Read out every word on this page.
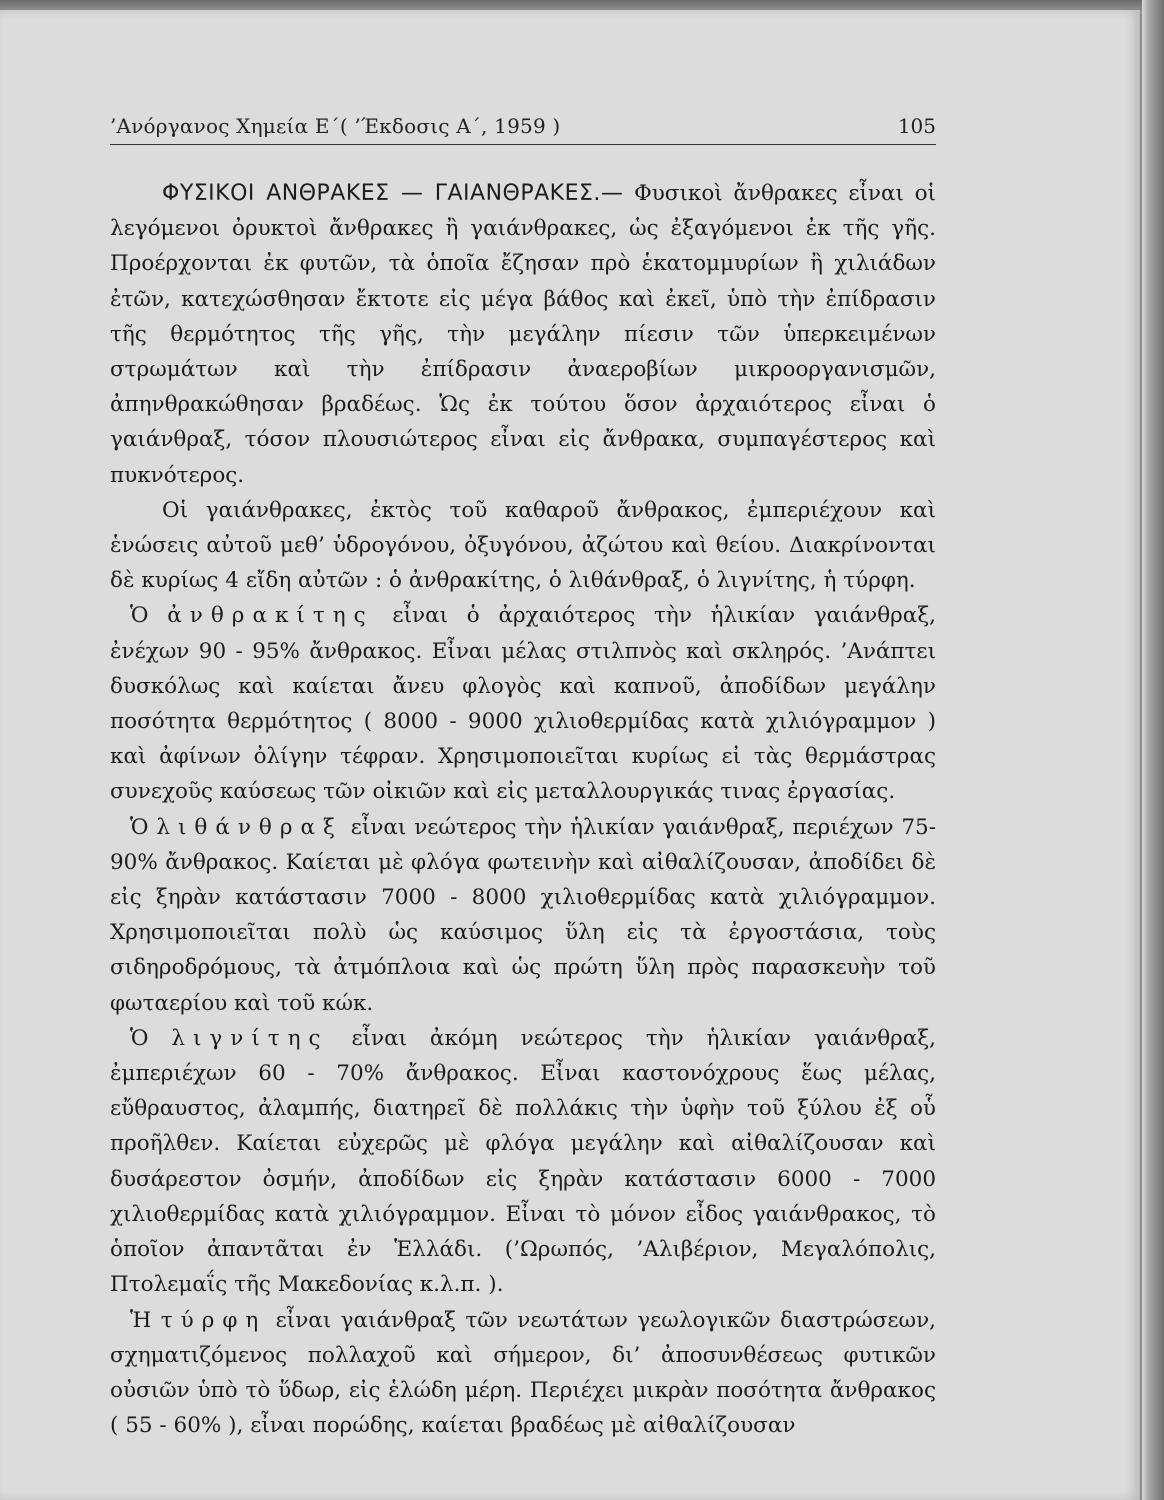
’Ανόργανος Χημεία Ε΄( ’Έκδοσις Α΄, 1959 )	105

ΦΥΣΙΚΟΙ ΑΝΘΡΑΚΕΣ — ΓΑΙΑΝΘΡΑΚΕΣ.— Φυσικοὶ ἄνθρακες εἶναι οἱ λεγόμενοι ὀρυκτοὶ ἄνθρακες ἢ γαιάνθρακες, ὡς ἐξαγόμενοι ἐκ τῆς γῆς. Προέρχονται ἐκ φυτῶν, τὰ ὁποῖα ἔζησαν πρὸ ἑκατομμυρίων ἢ χιλιάδων ἐτῶν, κατεχώσθησαν ἔκτοτε εἰς μέγα βάθος καὶ ἐκεῖ, ὑπὸ τὴν ἐπίδρασιν τῆς θερμότητος τῆς γῆς, τὴν μεγάλην πίεσιν τῶν ὑπερκειμένων στρωμάτων καὶ τὴν ἐπίδρασιν ἀναεροβίων μικροοργανισμῶν, ἀπηνθρακώθησαν βραδέως. Ὡς ἐκ τούτου ὅσον ἀρχαιότερος εἶναι ὁ γαιάνθραξ, τόσον πλουσιώτερος εἶναι εἰς ἄνθρακα, συμπαγέστερος καὶ πυκνότερος.

Οἱ γαιάνθρακες, ἐκτὸς τοῦ καθαροῦ ἄνθρακος, ἐμπεριέχουν καὶ ἑνώσεις αὐτοῦ μεθ’ ὑδρογόνου, ὀξυγόνου, ἀζώτου καὶ θείου. Διακρίνονται δὲ κυρίως 4 εἴδη αὐτῶν : ὁ ἀνθρακίτης, ὁ λιθάνθραξ, ὁ λιγνίτης, ἡ τύρφη.

Ὁ ἀνθρακίτης εἶναι ὁ ἀρχαιότερος τὴν ἡλικίαν γαιάνθραξ, ἐνέχων 90 - 95% ἄνθρακος. Εἶναι μέλας στιλπνὸς καὶ σκληρός. ’Ανάπτει δυσκόλως καὶ καίεται ἄνευ φλογὸς καὶ καπνοῦ, ἀποδίδων μεγάλην ποσότητα θερμότητος ( 8000 - 9000 χιλιοθερμίδας κατὰ χιλιόγραμμον ) καὶ ἀφίνων ὀλίγην τέφραν. Χρησιμοποιεῖται κυρίως εἰ τὰς θερμάστρας συνεχοῦς καύσεως τῶν οἰκιῶν καὶ εἰς μεταλλουργικάς τινας ἐργασίας.

Ὁ λιθάνθραξ εἶναι νεώτερος τὴν ἡλικίαν γαιάνθραξ, περιέχων 75- 90% ἄνθρακος. Καίεται μὲ φλόγα φωτεινὴν καὶ αἰθαλίζουσαν, ἀποδίδει δὲ εἰς ξηρὰν κατάστασιν 7000 - 8000 χιλιοθερμίδας κατὰ χιλιόγραμμον. Χρησιμοποιεῖται πολὺ ὡς καύσιμος ὕλη εἰς τὰ ἐργοστάσια, τοὺς σιδηροδρόμους, τὰ ἀτμόπλοια καὶ ὡς πρώτη ὕλη πρὸς παρασκευὴν τοῦ φωταερίου καὶ τοῦ κώκ.

Ὁ λιγνίτης εἶναι ἀκόμη νεώτερος τὴν ἡλικίαν γαιάνθραξ, ἐμπεριέχων 60 - 70% ἄνθρακος. Εἶναι καστονόχρους ἕως μέλας, εὔθραυστος, ἀλαμπής, διατηρεῖ δὲ πολλάκις τὴν ὑφὴν τοῦ ξύλου ἐξ οὗ προῆλθεν. Καίεται εὐχερῶς μὲ φλόγα μεγάλην καὶ αἰθαλίζουσαν καὶ δυσάρεστον ὀσμήν, ἀποδίδων εἰς ξηρὰν κατάστασιν 6000 - 7000 χιλιοθερμίδας κατὰ χιλιόγραμμον. Εἶναι τὸ μόνον εἶδος γαιάνθρακος, τὸ ὁποῖον ἀπαντᾶται ἐν Ἑλλάδι. (’Ωρωπός, ’Αλιβέριον, Μεγαλόπολις, Πτολεμαΐς τῆς Μακεδονίας κ.λ.π. ).

Ἡ τύρφη εἶναι γαιάνθραξ τῶν νεωτάτων γεωλογικῶν διαστρώσεων, σχηματιζόμενος πολλαχοῦ καὶ σήμερον, δι’ ἀποσυνθέσεως φυτικῶν οὐσιῶν ὑπὸ τὸ ὕδωρ, εἰς ἑλώδη μέρη. Περιέχει μικρὰν ποσότητα ἄνθρακος ( 55 - 60% ), εἶναι πορώδης, καίεται βραδέως μὲ αἰθαλίζουσαν
